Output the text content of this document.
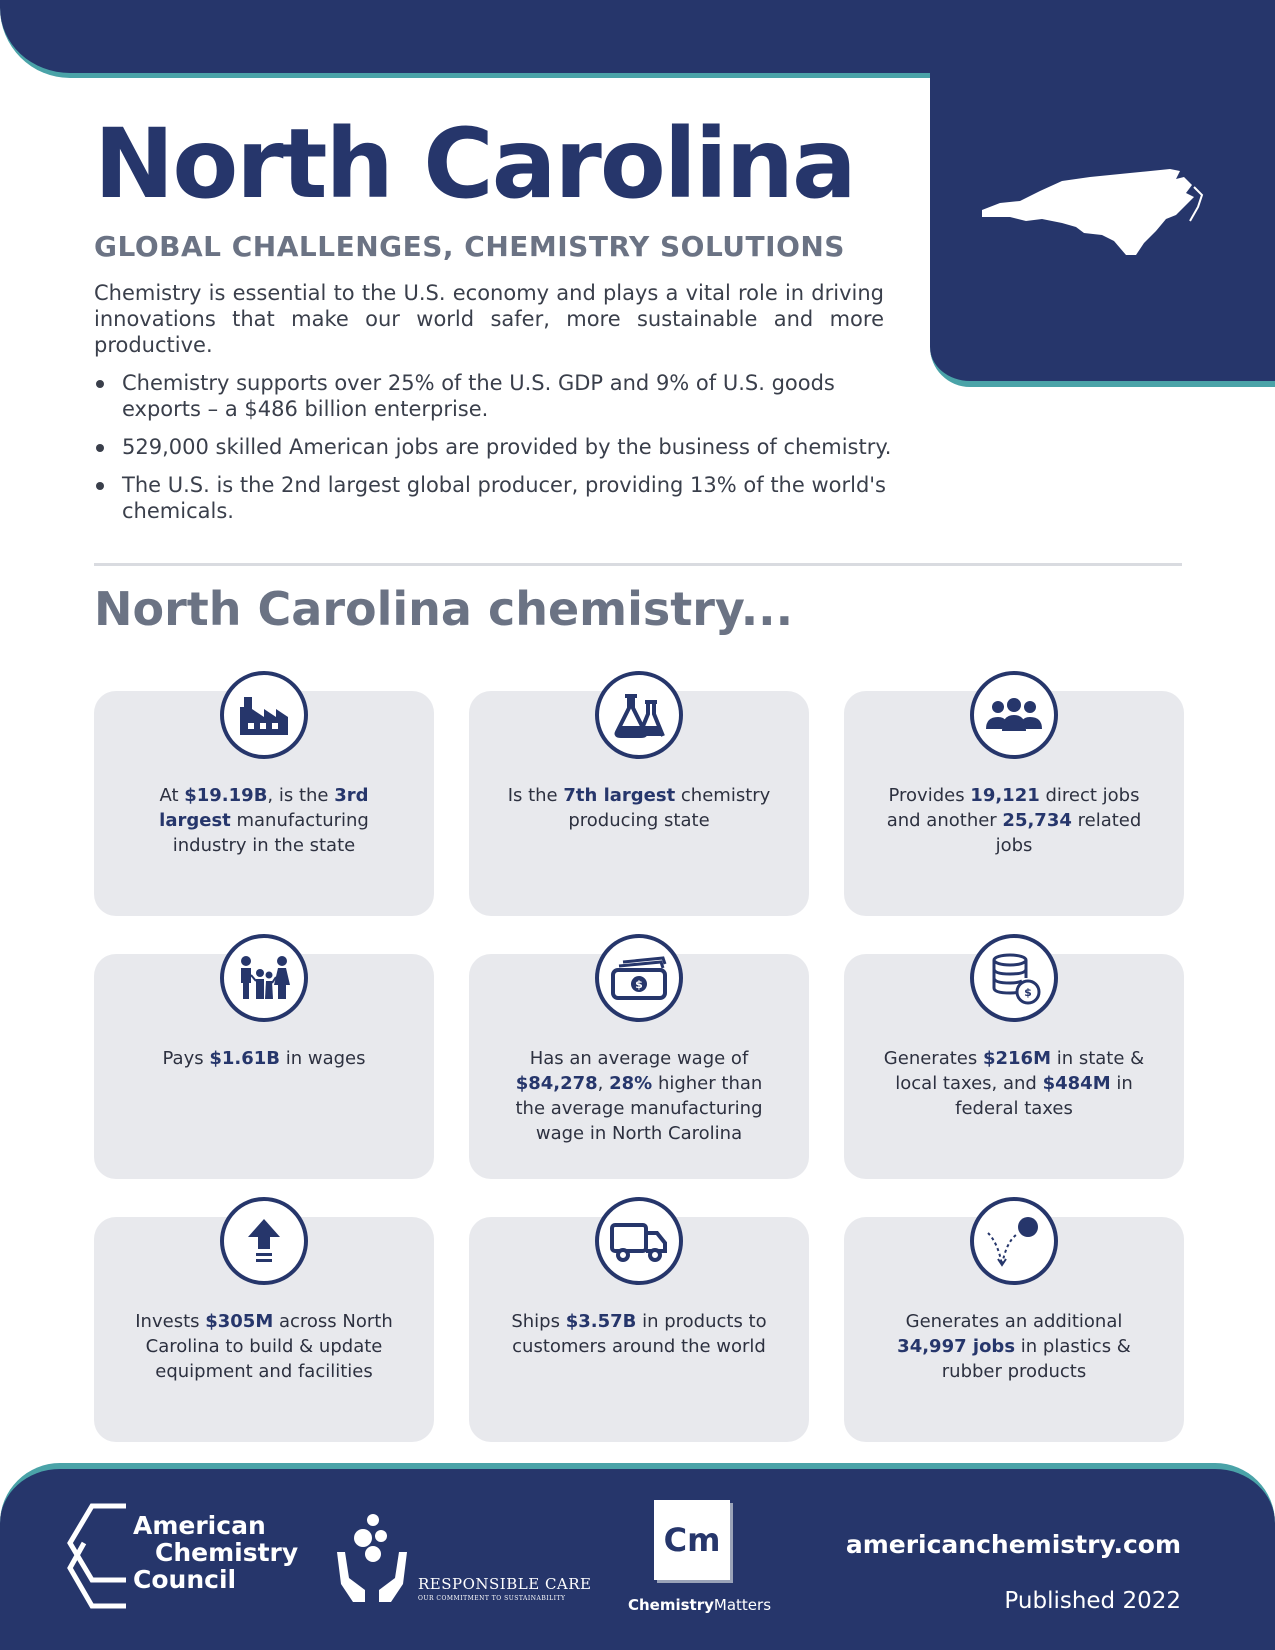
North Carolina
GLOBAL CHALLENGES, CHEMISTRY SOLUTIONS

Chemistry is essential to the U.S. economy and plays a vital role in driving innovations that make our world safer, more sustainable and more productive.

Chemistry supports over 25% of the U.S. GDP and 9% of U.S. goods exports – a $486 billion enterprise.
529,000 skilled American jobs are provided by the business of chemistry.
The U.S. is the 2nd largest global producer, providing 13% of the world's chemicals.
North Carolina chemistry...
At $19.19B, is the 3rd largest manufacturing industry in the state
Is the 7th largest chemistry producing state
Provides 19,121 direct jobs and another 25,734 related jobs
Pays $1.61B in wages
$
Has an average wage of $84,278, 28% higher than the average manufacturing wage in North Carolina
$
Generates $216M in state & local taxes, and $484M in federal taxes
Invests $305M across North Carolina to build & update equipment and facilities
Ships $3.57B in products to customers around the world
Generates an additional 34,997 jobs in plastics & rubber products
American
Chemistry
Council	RESPONSIBLE CARE
OUR COMMITMENT TO SUSTAINABILITY
Cm
ChemistryMatters
americanchemistry.com
Published 2022
